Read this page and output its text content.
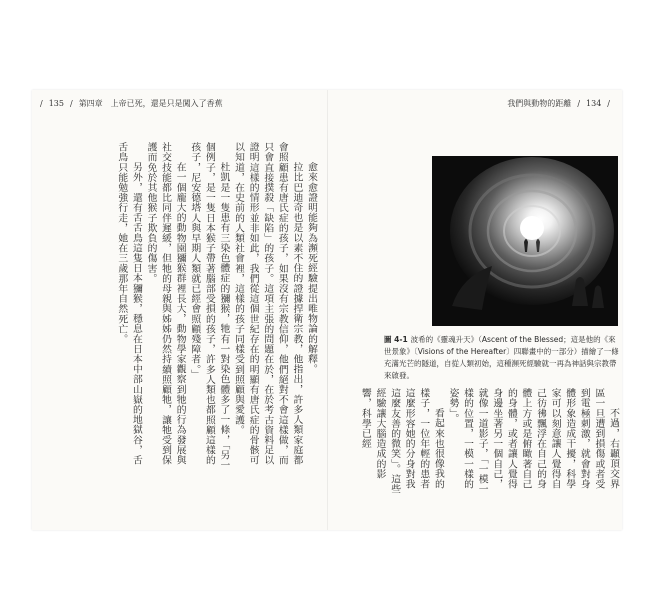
/ 135 / 第四章　上帝已死，還是只是闖入了香蕉	我們與動物的距離 / 134 /

愈來愈證明能夠為瀕死經驗提出唯物論的解釋。

拉比巴迪奇也是以素不住的證據捍衛宗教，他指出，許多人類家庭都會照顧患有唐氏症的孩子，如果沒有宗教信仰，他們絕對不會這樣做，而只會直接撲殺「缺陷」的孩子。這項主張的問題在於，在於考古資料足以證明這樣的情形並非如此，我們從這個世紀存在的明顯有唐氏症的骨骸可以知道，在史前的人類社會裡，這樣的孩子同樣受到照顧與愛護。

杜凱是一隻患有三染色體症的獼猴，牠有一對染色體多了一條，「另一個例子，是一隻日本猴子帶著腦部受損的孩子，許多人類也都照顧這樣的孩子，尼安德塔人與早期人類就已經會照顧殘障者。」

在一個龐大的動物園獼猴群裡長大，動物學家觀察到牠的行為發展與社交技能都比同伴遲緩，但牠的母親與姊姊仍然持續照顧牠，讓牠受到保護而免於其他猴子欺負的傷害。

另外，還有舌舌鳥這隻日本獼猴，穩息在日本中部山嶽的地獄谷，舌舌鳥只能勉強行走，她在三歲那年自然死亡。	圖 4-1 波希的《靈魂升天》（Ascent of the Blessed；這是他的《來世景象》〔Visions of the Hereafter〕四聯畫中的一部分）描繪了一條充滿光芒的隧道，自從人類初始，這種瀕死經驗就一再為神話與宗教帶來啟發。

不過，右顳頂交界區一旦遭到損傷或者受到電極刺激，就會對身體形象造成干擾，科學家可以刻意讓人覺得自己彷彿飄浮在自己的身體上方或是俯瞰著自己的身體，或者讓人覺得身邊坐著另一個自己，就像一道影子，「一模一樣的位置，一模一樣的姿勢」。

看起來也很像我的樣子，一位年輕的患者這麼形容她的分身對我這麼友善的微笑」。這些經驗讓大腦造成的影響，科學已經
